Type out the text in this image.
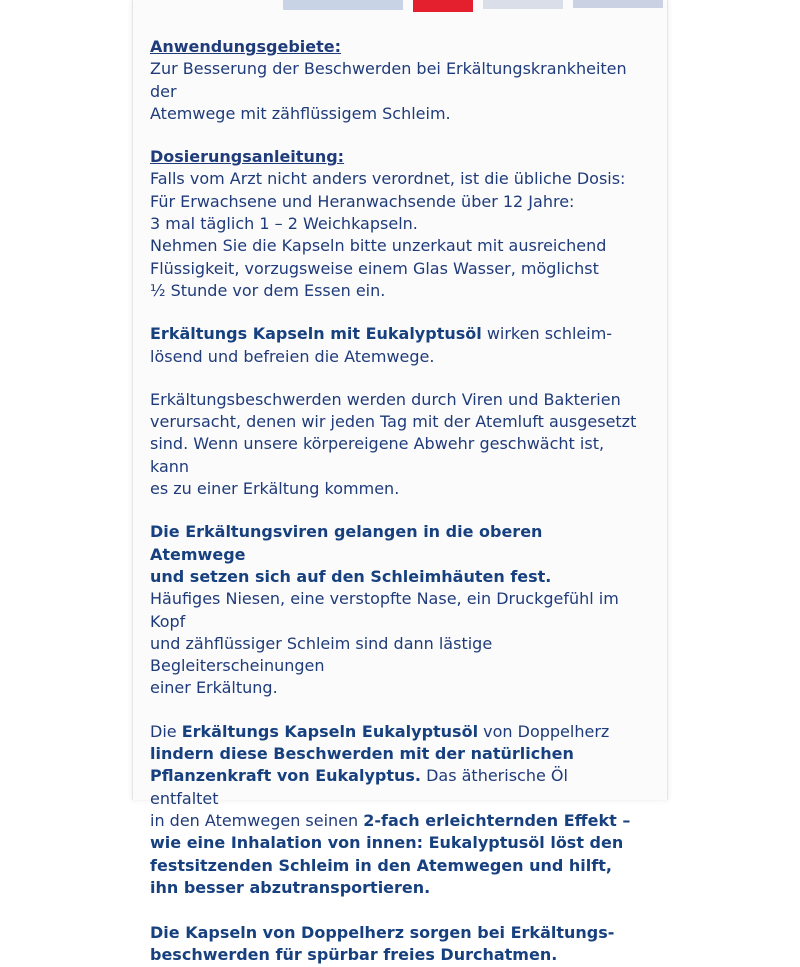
Anwendungsgebiete:

Zur Besserung der Beschwerden bei Erkältungskrankheiten der

Atemwege mit zähflüssigem Schleim.

Dosierungsanleitung:

Falls vom Arzt nicht anders verordnet, ist die übliche Dosis:

Für Erwachsene und Heranwachsende über 12 Jahre:

3 mal täglich 1 – 2 Weichkapseln.

Nehmen Sie die Kapseln bitte unzerkaut mit ausreichend

Flüssigkeit, vorzugsweise einem Glas Wasser, möglichst

½ Stunde vor dem Essen ein.

Erkältungs Kapseln mit Eukalyptusöl wirken schleim-

lösend und befreien die Atemwege.

Erkältungsbeschwerden werden durch Viren und Bakterien

verursacht, denen wir jeden Tag mit der Atemluft ausgesetzt

sind. Wenn unsere körpereigene Abwehr geschwächt ist, kann

es zu einer Erkältung kommen.

Die Erkältungsviren gelangen in die oberen Atemwege

und setzen sich auf den Schleimhäuten fest.

Häufiges Niesen, eine verstopfte Nase, ein Druckgefühl im Kopf

und zähflüssiger Schleim sind dann lästige Begleiterscheinungen

einer Erkältung.

Die Erkältungs Kapseln Eukalyptusöl von Doppelherz

lindern diese Beschwerden mit der natürlichen

Pflanzenkraft von Eukalyptus. Das ätherische Öl entfaltet

in den Atemwegen seinen 2-fach erleichternden Effekt –

wie eine Inhalation von innen: Eukalyptusöl löst den

festsitzenden Schleim in den Atemwegen und hilft,

ihn besser abzutransportieren.

Die Kapseln von Doppelherz sorgen bei Erkältungs-

beschwerden für spürbar freies Durchatmen.
